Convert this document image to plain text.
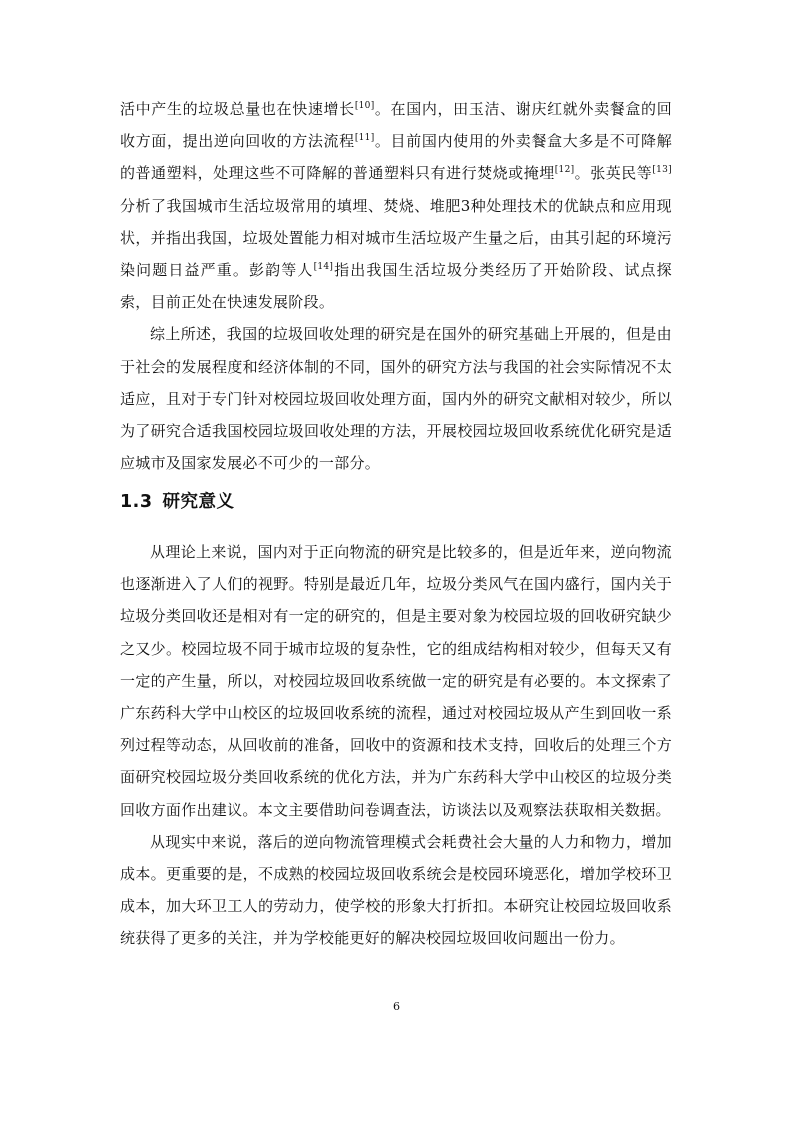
活中产生的垃圾总量也在快速增长[10]。在国内，田玉洁、谢庆红就外卖餐盒的回收方面，提出逆向回收的方法流程[11]。目前国内使用的外卖餐盒大多是不可降解的普通塑料，处理这些不可降解的普通塑料只有进行焚烧或掩埋[12]。张英民等[13]分析了我国城市生活垃圾常用的填埋、焚烧、堆肥3种处理技术的优缺点和应用现状，并指出我国，垃圾处置能力相对城市生活垃圾产生量之后，由其引起的环境污染问题日益严重。彭韵等人[14]指出我国生活垃圾分类经历了开始阶段、试点探索，目前正处在快速发展阶段。

综上所述，我国的垃圾回收处理的研究是在国外的研究基础上开展的，但是由于社会的发展程度和经济体制的不同，国外的研究方法与我国的社会实际情况不太适应，且对于专门针对校园垃圾回收处理方面，国内外的研究文献相对较少，所以为了研究合适我国校园垃圾回收处理的方法，开展校园垃圾回收系统优化研究是适应城市及国家发展必不可少的一部分。

1.3 研究意义

从理论上来说，国内对于正向物流的研究是比较多的，但是近年来，逆向物流也逐渐进入了人们的视野。特别是最近几年，垃圾分类风气在国内盛行，国内关于垃圾分类回收还是相对有一定的研究的，但是主要对象为校园垃圾的回收研究缺少之又少。校园垃圾不同于城市垃圾的复杂性，它的组成结构相对较少，但每天又有一定的产生量，所以，对校园垃圾回收系统做一定的研究是有必要的。本文探索了广东药科大学中山校区的垃圾回收系统的流程，通过对校园垃圾从产生到回收一系列过程等动态，从回收前的准备，回收中的资源和技术支持，回收后的处理三个方面研究校园垃圾分类回收系统的优化方法，并为广东药科大学中山校区的垃圾分类回收方面作出建议。本文主要借助问卷调查法，访谈法以及观察法获取相关数据。

从现实中来说，落后的逆向物流管理模式会耗费社会大量的人力和物力，增加成本。更重要的是，不成熟的校园垃圾回收系统会是校园环境恶化，增加学校环卫成本，加大环卫工人的劳动力，使学校的形象大打折扣。本研究让校园垃圾回收系统获得了更多的关注，并为学校能更好的解决校园垃圾回收问题出一份力。

6
